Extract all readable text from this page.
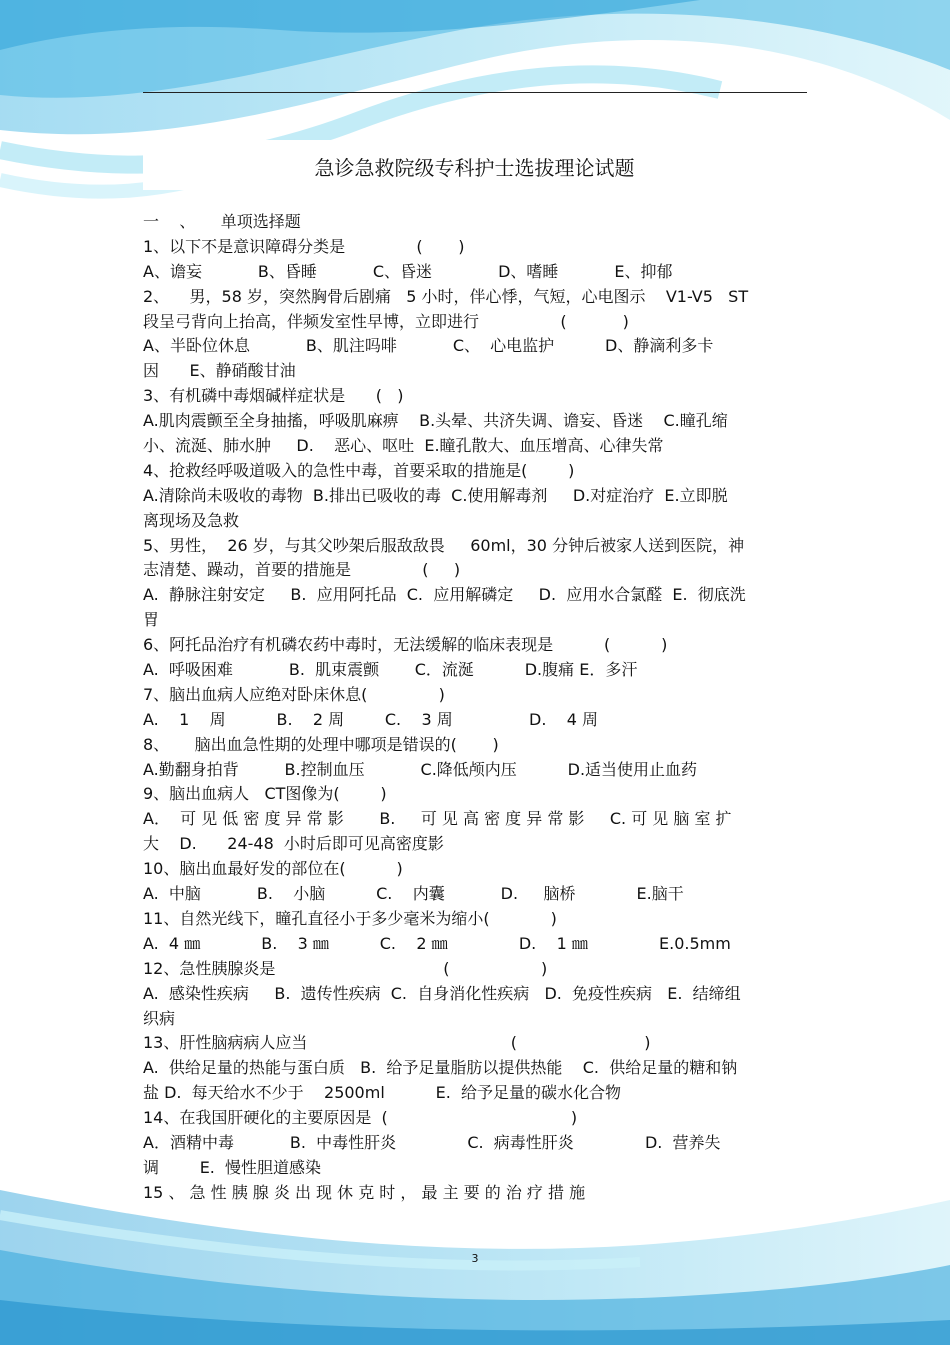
急诊急救院级专科护士选拔理论试题
一    、     单项选择题
1、以下不是意识障碍分类是              (       )
A、谵妄           B、昏睡           C、昏迷             D、嗜睡           E、抑郁
2、    男，58 岁，突然胸骨后剧痛   5 小时，伴心悸，气短，心电图示    V1-V5   ST
段呈弓背向上抬高，伴频发室性早博，立即进行                (           )
A、半卧位休息           B、肌注吗啡           C、  心电监护          D、静滴利多卡
因      E、静硝酸甘油
3、有机磷中毒烟碱样症状是      (   )
A.肌肉震颤至全身抽搐，呼吸肌麻痹    B.头晕、共济失调、谵妄、昏迷    C.瞳孔缩
小、流涎、肺水肿     D.    恶心、呕吐  E.瞳孔散大、血压增高、心律失常
4、抢救经呼吸道吸入的急性中毒，首要采取的措施是(        )
A.清除尚未吸收的毒物  B.排出已吸收的毒  C.使用解毒剂     D.对症治疗  E.立即脱
离现场及急救
5、男性，  26 岁，与其父吵架后服敌敌畏     60ml，30 分钟后被家人送到医院，神
志清楚、躁动，首要的措施是              (     )
A.  静脉注射安定     B.  应用阿托品  C.  应用解磷定     D.  应用水合氯醛  E.  彻底洗
胃
6、阿托品治疗有机磷农药中毒时，无法缓解的临床表现是          (          )
A.  呼吸困难           B.  肌束震颤       C．流涎          D.腹痛 E．多汗
7、脑出血病人应绝对卧床休息(              )
A.    1    周          B.    2 周        C.    3 周               D.    4 周
8、     脑出血急性期的处理中哪项是错误的(       )
A.勤翻身拍背         B.控制血压           C.降低颅内压          D.适当使用止血药
9、脑出血病人   CT图像为(        )
A．  可 见 低 密 度 异 常 影       B.     可 见 高 密 度 异 常 影     C. 可 见 脑 室 扩
大    D.      24-48  小时后即可见高密度影
10、脑出血最好发的部位在(          )
A.  中脑           B.    小脑          C.    内囊           D.     脑桥            E.脑干
11、自然光线下，瞳孔直径小于多少毫米为缩小(            )
A.  4 ㎜            B.    3 ㎜          C.    2 ㎜              D.    1 ㎜              E.0.5mm
12、急性胰腺炎是                                 (                  )
A.  感染性疾病     B.  遗传性疾病  C.  自身消化性疾病   D.  免疫性疾病   E.  结缔组
织病
13、肝性脑病病人应当                                        (                         )
A.  供给足量的热能与蛋白质   B.  给予足量脂肪以提供热能    C.  供给足量的糖和钠
盐 D.  每天给水不少于    2500ml          E.  给予足量的碳水化合物
14、在我国肝硬化的主要原因是  (                                    )
A．酒精中毒           B.  中毒性肝炎              C.  病毒性肝炎              D.  营养失
调        E.  慢性胆道感染
15 、 急 性 胰 腺 炎 出 现 休 克 时 ， 最 主 要 的 治 疗 措 施
3
